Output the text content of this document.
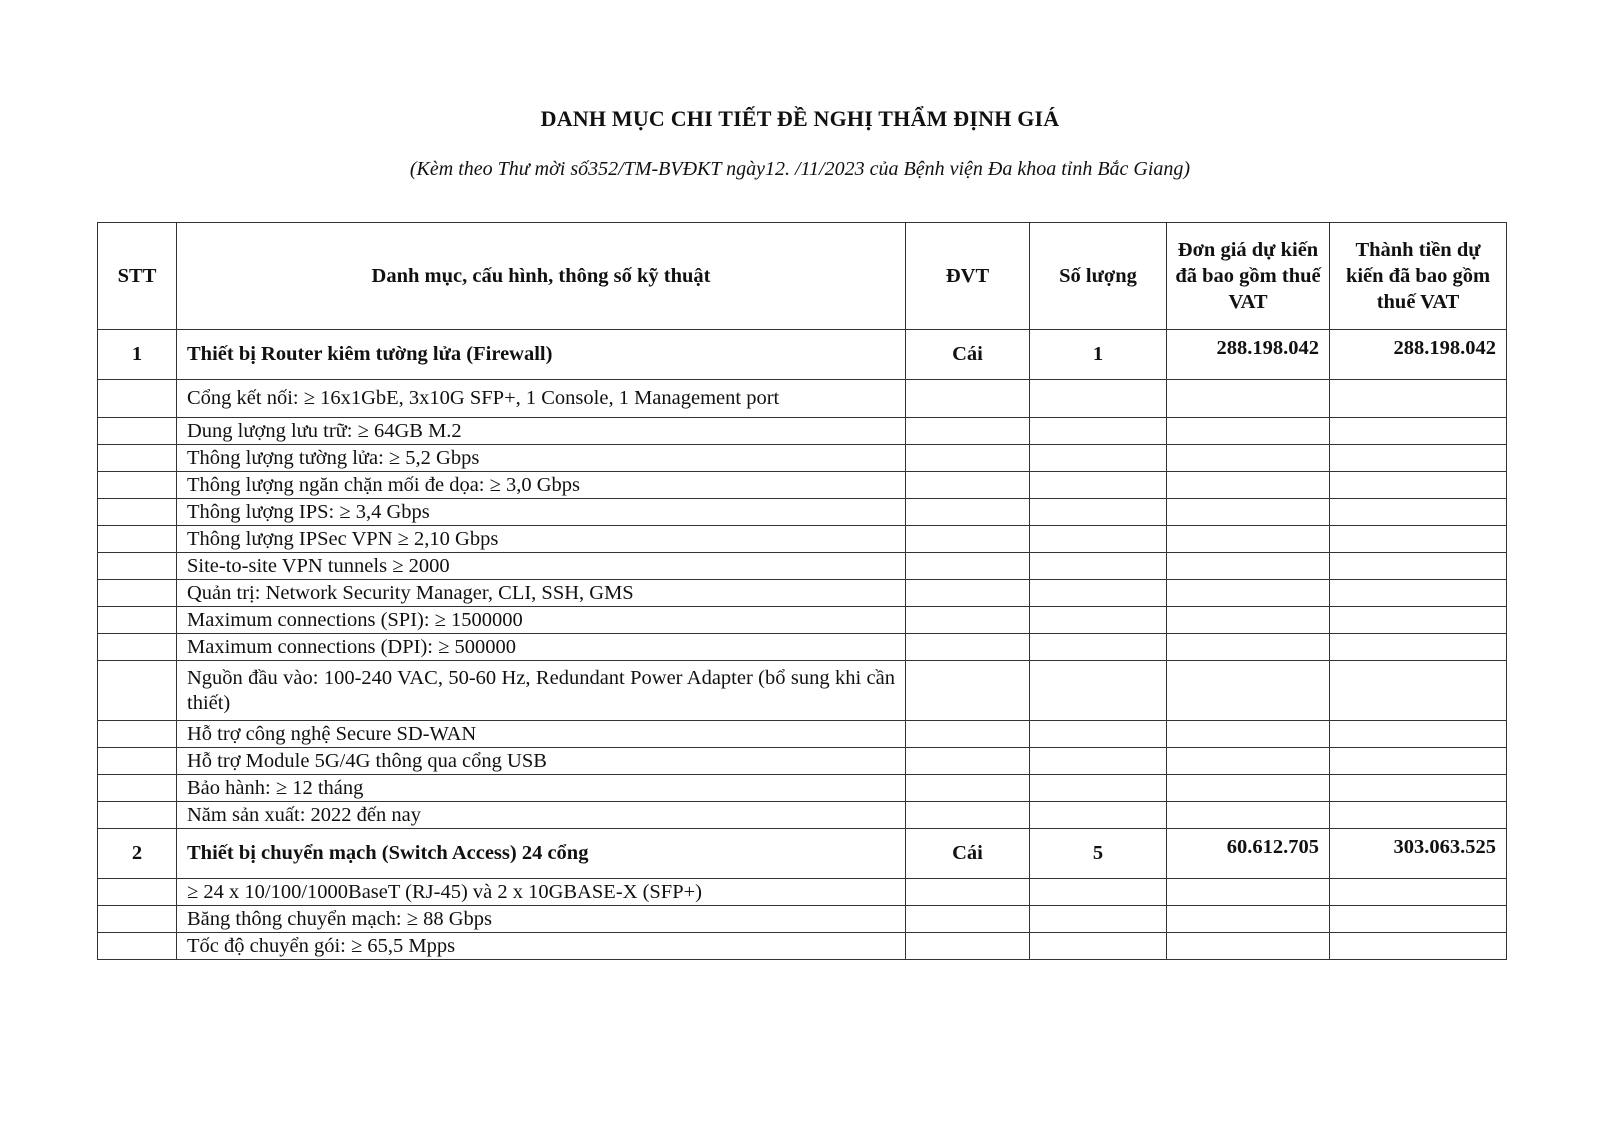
DANH MỤC CHI TIẾT ĐỀ NGHỊ THẨM ĐỊNH GIÁ
(Kèm theo Thư mời số352/TM-BVĐKT ngày12. /11/2023 của Bệnh viện Đa khoa tỉnh Bắc Giang)
STT	Danh mục, cấu hình, thông số kỹ thuật	ĐVT	Số lượng	Đơn giá dự kiến đã bao gồm thuế VAT	Thành tiền dự kiến đã bao gồm thuế VAT
1	Thiết bị Router kiêm tường lửa (Firewall)	Cái	1	288.198.042	288.198.042
	Cổng kết nối: ≥ 16x1GbE, 3x10G SFP+, 1 Console, 1 Management port				
	Dung lượng lưu trữ: ≥ 64GB M.2				
	Thông lượng tường lửa: ≥ 5,2 Gbps				
	Thông lượng ngăn chặn mối đe dọa: ≥ 3,0 Gbps				
	Thông lượng IPS: ≥ 3,4 Gbps				
	Thông lượng IPSec VPN ≥ 2,10 Gbps				
	Site-to-site VPN tunnels ≥ 2000				
	Quản trị: Network Security Manager, CLI, SSH, GMS				
	Maximum connections (SPI): ≥ 1500000				
	Maximum connections (DPI): ≥ 500000				
	Nguồn đầu vào: 100-240 VAC, 50-60 Hz, Redundant Power Adapter (bổ sung khi cần thiết)				
	Hỗ trợ công nghệ Secure SD-WAN				
	Hỗ trợ Module 5G/4G thông qua cổng USB				
	Bảo hành: ≥ 12 tháng				
	Năm sản xuất: 2022 đến nay				
2	Thiết bị chuyển mạch (Switch Access) 24 cổng	Cái	5	60.612.705	303.063.525
	≥ 24 x 10/100/1000BaseT (RJ-45) và 2 x 10GBASE-X (SFP+)				
	Băng thông chuyển mạch: ≥ 88 Gbps				
	Tốc độ chuyển gói: ≥ 65,5 Mpps				
